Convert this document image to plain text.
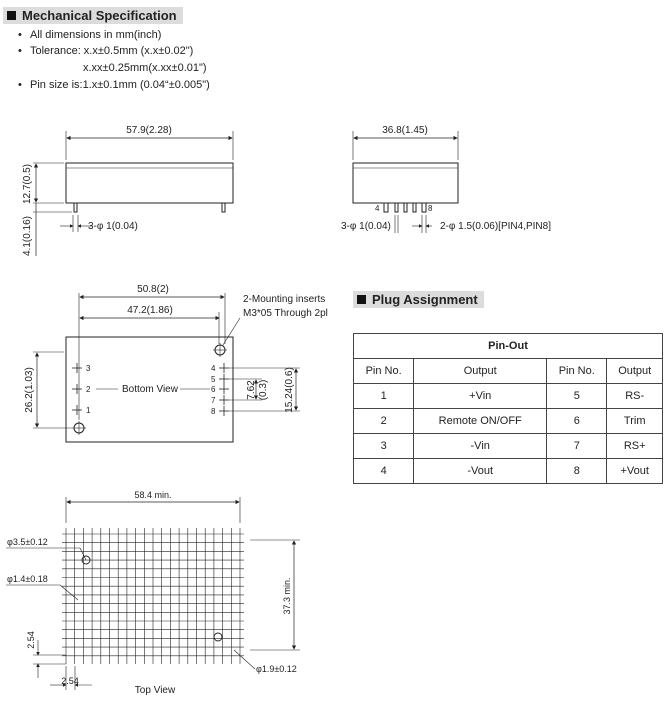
Mechanical Specification
• All dimensions in mm(inch)
• Tolerance: x.x±0.5mm (x.x±0.02")
x.xx±0.25mm(x.xx±0.01")
• Pin size is:1.x±0.1mm (0.04“±0.005")
Plug Assignment
Pin-Out			
Pin No.	Output	Pin No.	Output
1	+Vin	5	RS-
2	Remote ON/OFF	6	Trim
3	-Vin	7	RS+
4	-Vout	8	+Vout
57.9(2.28)
12.7(0.5)
4.1(0.16)	3-φ 1(0.04)
36.8(1.45)
4	8
3-φ 1(0.04)	2-φ 1.5(0.06)[PIN4,PIN8]
50.8(2)
47.2(1.86)
2-Mounting inserts
M3*05 Through 2pl
26.2(1.03)	Bottom View
3
2
1
4
5
6
7
8
7.62 (0.3) 15.24(0.6)
58.4 min.
φ3.5±0.12
φ1.4±0.18	37.3 min.
2.54
2.54
φ1.9±0.12
Top View
